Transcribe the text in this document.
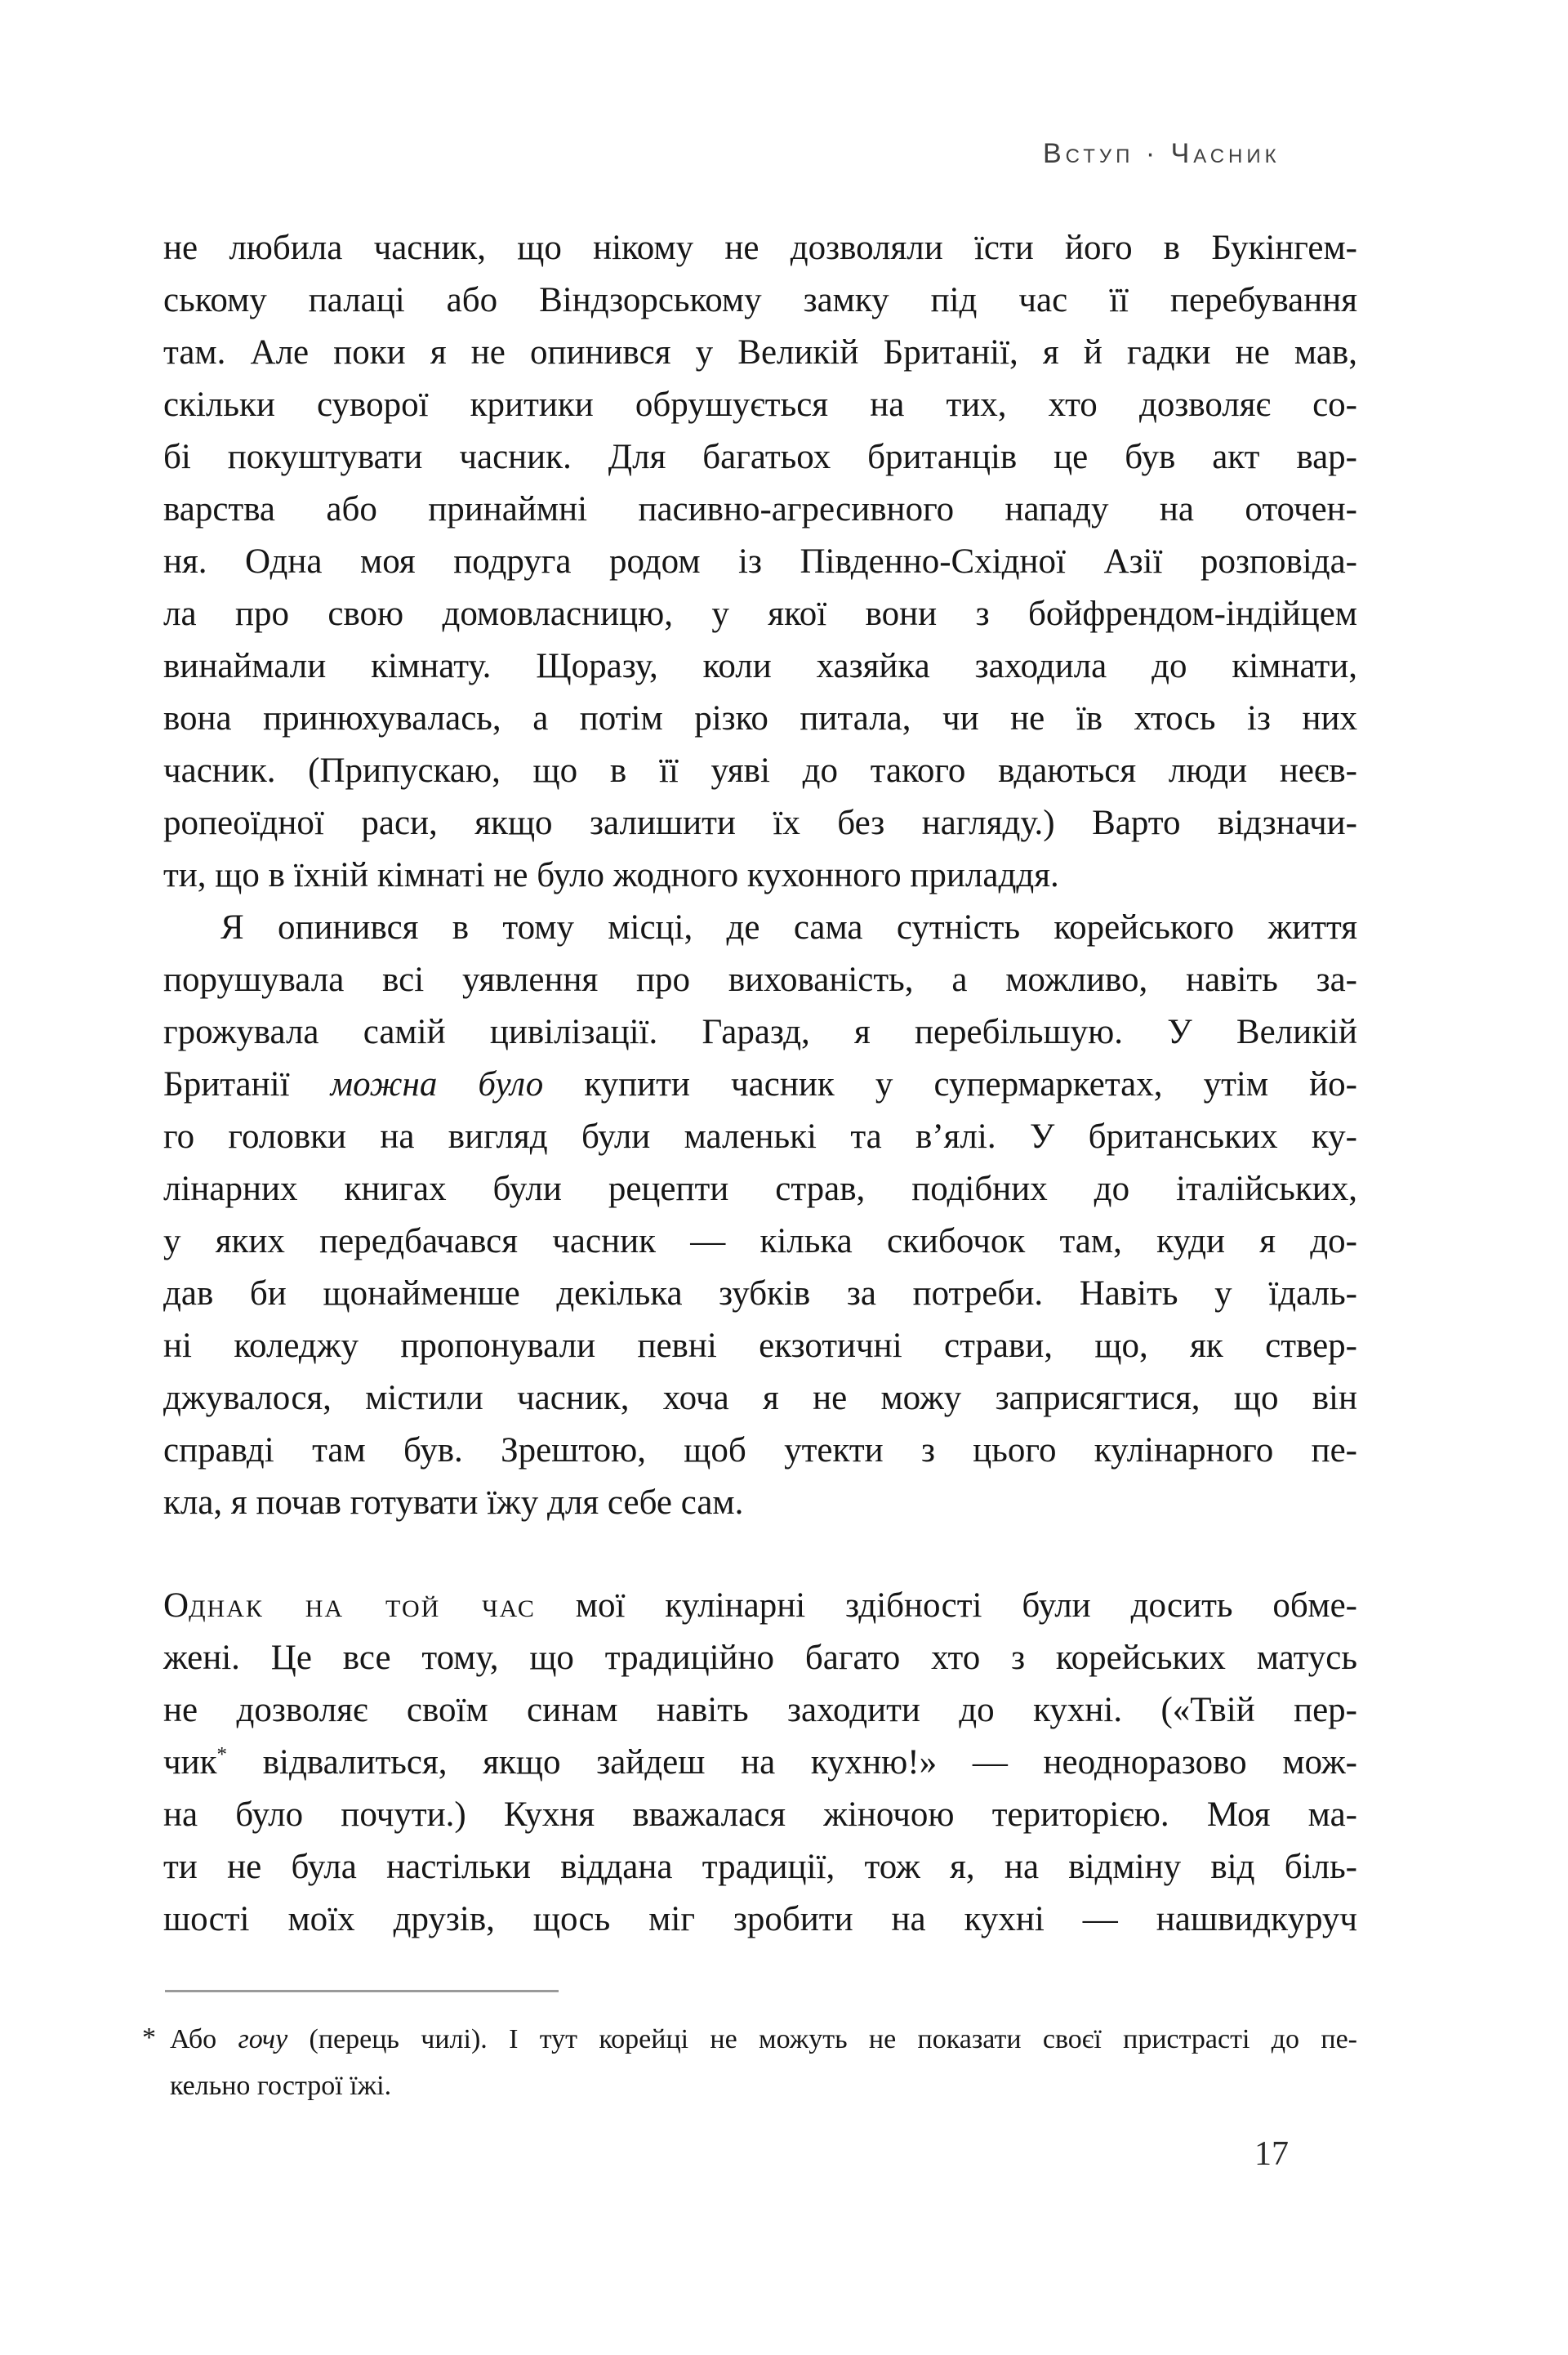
Вступ · Часник
не любила часник, що нікому не дозволяли їсти його в Букінгем-
ському палаці або Віндзорському замку під час її перебування
там. Але поки я не опинився у Великій Британії, я й гадки не мав,
скільки суворої критики обрушується на тих, хто дозволяє со-
бі покуштувати часник. Для багатьох британців це був акт вар-
варства або принаймні пасивно-агресивного нападу на оточен-
ня. Одна моя подруга родом із Південно-Східної Азії розповіда-
ла про свою домовласницю, у якої вони з бойфрендом-індійцем
винаймали кімнату. Щоразу, коли хазяйка заходила до кімнати,
вона принюхувалась, а потім різко питала, чи не їв хтось із них
часник. (Припускаю, що в її уяві до такого вдаються люди неєв-
ропеоїдної раси, якщо залишити їх без нагляду.) Варто відзначи-
ти, що в їхній кімнаті не було жодного кухонного приладдя.
Я опинився в тому місці, де сама сутність корейського життя
порушувала всі уявлення про вихованість, а можливо, навіть за-
грожувала самій цивілізації. Гаразд, я перебільшую. У Великій
Британії можна було купити часник у супермаркетах, утім йо-
го головки на вигляд були маленькі та в’ялі. У британських ку-
лінарних книгах були рецепти страв, подібних до італійських,
у яких передбачався часник — кілька скибочок там, куди я до-
дав би щонайменше декілька зубків за потреби. Навіть у їдаль-
ні коледжу пропонували певні екзотичні страви, що, як ствер-
джувалося, містили часник, хоча я не можу заприсягтися, що він
справді там був. Зрештою, щоб утекти з цього кулінарного пе-
кла, я почав готувати їжу для себе сам.
Однак на той час мої кулінарні здібності були досить обме-
жені. Це все тому, що традиційно багато хто з корейських матусь
не дозволяє своїм синам навіть заходити до кухні. («Твій пер-
чик* відвалиться, якщо зайдеш на кухню!» — неодноразово мож-
на було почути.) Кухня вважалася жіночою територією. Моя ма-
ти не була настільки віддана традиції, тож я, на відміну від біль-
шості моїх друзів, щось міг зробити на кухні — нашвидкуруч
* Або гочу (перець чилі). І тут корейці не можуть не показати своєї пристрасті до пе-
кельно гострої їжі.
17
